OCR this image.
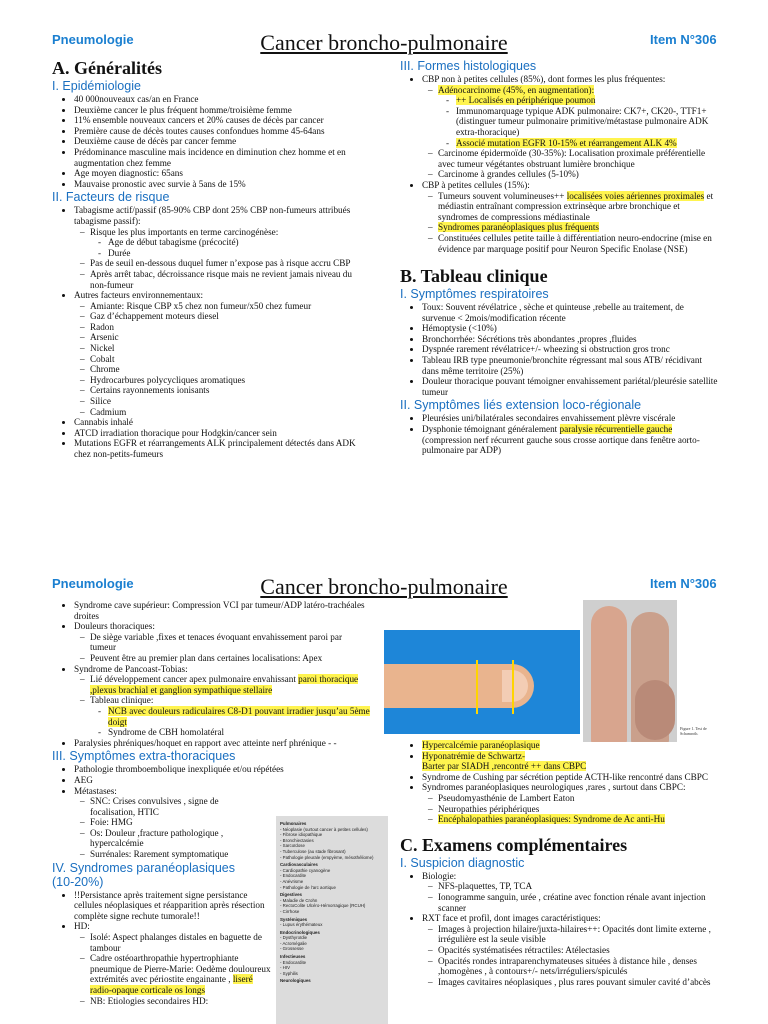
Pneumologie	Cancer broncho-pulmonaire	Item N°306
A. Généralités
I. Epidémiologie
• 40 000nouveaux cas/an en France
• Deuxième cancer le plus fréquent homme/troisième femme
• 11% ensemble nouveaux cancers et 20% causes de décès par cancer
• Première cause de décès toutes causes confondues homme 45-64ans
• Deuxième cause de décès par cancer femme
• Prédominance masculine mais incidence en diminution chez homme et en augmentation chez femme
• Age moyen diagnostic: 65ans
• Mauvaise pronostic avec survie à 5ans de 15%
II. Facteurs de risque
• Tabagisme actif/passif (85-90% CBP dont 25% CBP non-fumeurs attribués tabagisme passif):
– Risque les plus importants en terme carcinogénèse:
- Age de début tabagisme (précocité)
- Durée
– Pas de seuil en-dessous duquel fumer n’expose pas à risque accru CBP
– Après arrêt tabac, décroissance risque mais ne revient jamais niveau du non-fumeur
• Autres facteurs environnementaux:
– Amiante: Risque CBP x5 chez non fumeur/x50 chez fumeur
– Gaz d’échappement moteurs diesel
– Radon
– Arsenic
– Nickel
– Cobalt
– Chrome
– Hydrocarbures polycycliques aromatiques
– Certains rayonnements ionisants
– Silice
– Cadmium
• Cannabis inhalé
• ATCD irradiation thoracique pour Hodgkin/cancer sein
• Mutations EGFR et réarrangements ALK principalement détectés dans ADK chez non-petits-fumeurs
III. Formes histologiques
• CBP non à petites cellules (85%), dont formes les plus fréquentes:
– Adénocarcinome (45%, en augmentation):
- ++ Localisés en périphérique poumon
- Immunomarquage typique ADK pulmonaire: CK7+, CK20-, TTF1+ (distinguer tumeur pulmonaire primitive/métastase pulmonaire ADK extra-thoracique)
- Associé mutation EGFR 10-15% et réarrangement ALK 4%
– Carcinome épidermoïde (30-35%): Localisation proximale préférentielle avec tumeur végétantes obstruant lumière bronchique
– Carcinome à grandes cellules (5-10%)
• CBP à petites cellules (15%):
– Tumeurs souvent volumineuses++ localisées voies aériennes proximales et médiastin entraînant compression extrinsèque arbre bronchique et syndromes de compressions médiastinale
– Syndromes paranéoplasiques plus fréquents
– Constituées cellules petite taille à différentiation neuro-endocrine (mise en évidence par marquage positif pour Neuron Specific Enolase (NSE)
B. Tableau clinique
I. Symptômes respiratoires
• Toux: Souvent révélatrice , sèche et quinteuse ,rebelle au traitement, de survenue < 2mois/modification récente
• Hémoptysie (<10%)
• Bronchorrhée: Sécrétions très abondantes ,propres ,fluides
• Dyspnée rarement révélatrice+/- wheezing si obstruction gros tronc
• Tableau IRB type pneumonie/bronchite régressant mal sous ATB/ récidivant dans même territoire (25%)
• Douleur thoracique pouvant témoigner envahissement pariétal/pleurésie satellite tumeur
II. Symptômes liés extension loco-régionale
• Pleurésies uni/bilatérales secondaires envahissement plèvre viscérale
• Dysphonie témoignant généralement paralysie récurrentielle gauche (compression nerf récurrent gauche sous crosse aortique dans fenêtre aorto-pulmonaire par ADP)
Pneumologie	Cancer broncho-pulmonaire	Item N°306
• Syndrome cave supérieur: Compression VCI par tumeur/ADP latéro-trachéales droites
• Douleurs thoraciques:
– De siège variable ,fixes et tenaces évoquant envahissement paroi par tumeur
– Peuvent être au premier plan dans certaines localisations: Apex
• Syndrome de Pancoast-Tobias:
– Lié développement cancer apex pulmonaire envahissant paroi thoracique ,plexus brachial et ganglion sympathique stellaire
– Tableau clinique:
- NCB avec douleurs radiculaires C8-D1 pouvant irradier jusqu’au 5ème doigt
- Syndrome de CBH homolatéral
• Paralysies phréniques/hoquet en rapport avec atteinte nerf phrénique - -
III. Symptômes extra-thoraciques
• Pathologie thromboembolique inexpliquée et/ou répétées
• AEG
• Métastases:
– SNC: Crises convulsives , signe de focalisation, HTIC
– Foie: HMG
– Os: Douleur ,fracture pathologique , hypercalcémie
– Surrénales: Rarement symptomatique
IV. Syndromes paranéoplasiques (10-20%)
• !!Persistance après traitement signe persistance cellules néoplasiques et réapparition après résection complète signe rechute tumorale!!
• HD:
– Isolé: Aspect phalanges distales en baguette de tambour
– Cadre ostéoarthropathie hypertrophiante pneumique de Pierre-Marie: Oedème douloureux extrémités avec périostite engainante , liseré radio-opaque corticale os longs
– NB: Etiologies secondaires HD:
Pulmonaires
- Néoplasie (surtout cancer à petites cellules)
- Fibrose idiopathique
- Bronchiectasies
- Sarcoïdose
- Tuberculose (au stade fibrosant)
- Pathologie pleurale (empyème, mésothéliome)
Cardiovasculaires
- Cardiopathie cyanogène
- Endocardite
- Anévrisme
- Pathologie de l’arc aortique
Digestives
- Maladie de Crohn
- RectoColite Ulcéro-Hémorragique (RCUH)
- Cirrhose
Systémiques
- Lupus érythémateux
Endocrinologiques
- Dysthyroïdie
- Acromégalie
- Grossesse
Infectieuses
- Endocardite
- HIV
- Syphilis
Neurologiques
Figure 1. Test de Schamroth.
• Hypercalcémie paranéoplasique
• Hyponatrémie de Schwartz-
Barter par SIADH ,rencontré ++ dans CBPC
• Syndrome de Cushing par sécrétion peptide ACTH-like rencontré dans CBPC
• Syndromes paranéoplasiques neurologiques ,rares , surtout dans CBPC:
– Pseudomyasthénie de Lambert Eaton
– Neuropathies périphériques
– Encéphalopathies paranéoplasiques: Syndrome de Ac anti-Hu
C. Examens complémentaires
I. Suspicion diagnostic
• Biologie:
– NFS-plaquettes, TP, TCA
– Ionogramme sanguin, urée , créatine avec fonction rénale avant injection scanner
• RXT face et profil, dont images caractéristiques:
– Images à projection hilaire/juxta-hilaires++: Opacités dont limite externe , irrégulière est la seule visible
– Opacités systématisées rétractiles: Atélectasies
– Opacités rondes intraparenchymateuses situées à distance hile , denses ,homogènes , à contours+/- nets/irréguliers/spiculés
– Images cavitaires néoplasiques , plus rares pouvant simuler cavité d’abcès
